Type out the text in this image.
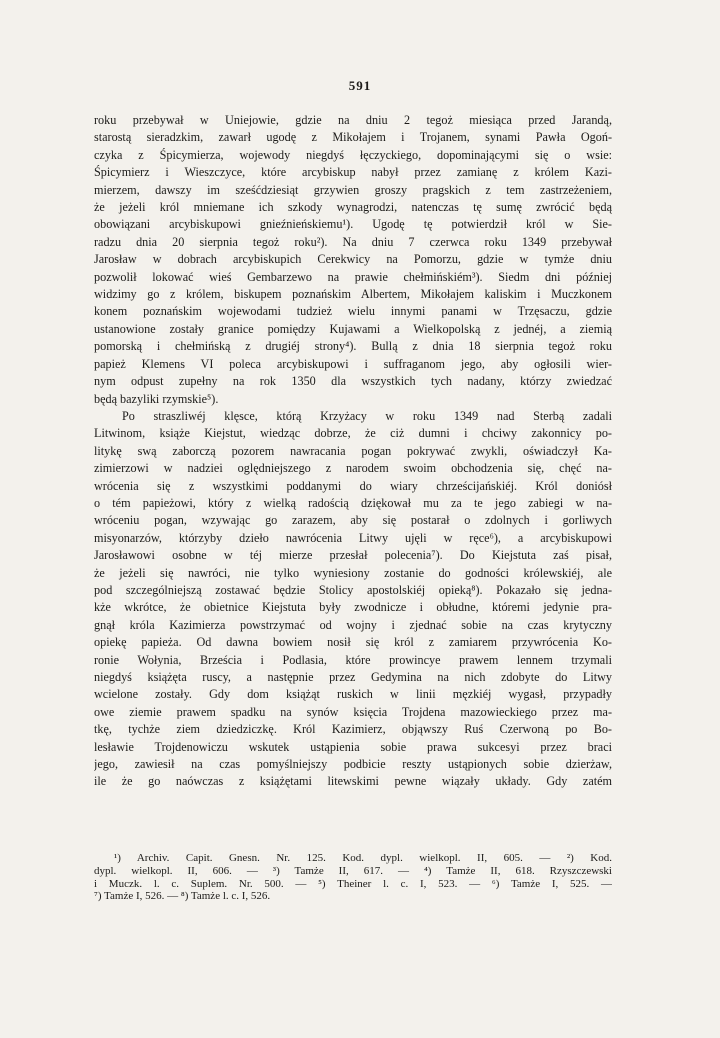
591
roku przebywał w Uniejowie, gdzie na dniu 2 tegoż miesiąca przed Jarandą,
starostą sieradzkim, zawarł ugodę z Mikołajem i Trojanem, synami Pawła Ogoń-
czyka z Śpicymierza, wojewody niegdyś łęczyckiego, dopominającymi się o wsie:
Śpicymierz i Wieszczyce, które arcybiskup nabył przez zamianę z królem Kazi-
mierzem, dawszy im sześćdziesiąt grzywien groszy pragskich z tem zastrzeżeniem,
że jeżeli król mniemane ich szkody wynagrodzi, natenczas tę sumę zwrócić będą
obowiązani arcybiskupowi gnieźnieńskiemu¹). Ugodę tę potwierdził król w Sie-
radzu dnia 20 sierpnia tegoż roku²). Na dniu 7 czerwca roku 1349 przebywał
Jarosław w dobrach arcybiskupich Cerekwicy na Pomorzu, gdzie w tymże dniu
pozwolił lokować wieś Gembarzewo na prawie chełmińskiém³). Siedm dni później
widzimy go z królem, biskupem poznańskim Albertem, Mikołajem kaliskim i Muczkonem
konem poznańskim wojewodami tudzież wielu innymi panami w Trzęsaczu, gdzie
ustanowione zostały granice pomiędzy Kujawami a Wielkopolską z jednéj, a ziemią
pomorską i chełmińską z drugiéj strony⁴). Bullą z dnia 18 sierpnia tegoż roku
papież Klemens VI poleca arcybiskupowi i suffraganom jego, aby ogłosili wier-
nym odpust zupełny na rok 1350 dla wszystkich tych nadany, którzy zwiedzać
będą bazyliki rzymskie⁵).
Po straszliwéj klęsce, którą Krzyżacy w roku 1349 nad Sterbą zadali
Litwinom, książe Kiejstut, wiedząc dobrze, że ciż dumni i chciwy zakonnicy po-
litykę swą zaborczą pozorem nawracania pogan pokrywać zwykli, oświadczył Ka-
zimierzowi w nadziei oględniejszego z narodem swoim obchodzenia się, chęć na-
wrócenia się z wszystkimi poddanymi do wiary chrześcijańskiéj. Król doniósł
o tém papieżowi, który z wielką radością dziękował mu za te jego zabiegi w na-
wróceniu pogan, wzywając go zarazem, aby się postarał o zdolnych i gorliwych
misyonarzów, którzyby dzieło nawrócenia Litwy ujęli w ręce⁶), a arcybiskupowi
Jarosławowi osobne w téj mierze przesłał polecenia⁷). Do Kiejstuta zaś pisał,
że jeżeli się nawróci, nie tylko wyniesiony zostanie do godności królewskiéj, ale
pod szczególniejszą zostawać będzie Stolicy apostolskiéj opieką⁸). Pokazało się jedna-
kże wkrótce, że obietnice Kiejstuta były zwodnicze i obłudne, któremi jedynie pra-
gnął króla Kazimierza powstrzymać od wojny i zjednać sobie na czas krytyczny
opiekę papieża. Od dawna bowiem nosił się król z zamiarem przywrócenia Ko-
ronie Wołynia, Brześcia i Podlasia, które prowincye prawem lennem trzymali
niegdyś książęta ruscy, a następnie przez Gedymina na nich zdobyte do Litwy
wcielone zostały. Gdy dom książąt ruskich w linii męzkiéj wygasł, przypadły
owe ziemie prawem spadku na synów księcia Trojdena mazowieckiego przez ma-
tkę, tychże ziem dziedziczkę. Król Kazimierz, objąwszy Ruś Czerwoną po Bo-
lesławie Trojdenowiczu wskutek ustąpienia sobie prawa sukcesyi przez braci
jego, zawiesił na czas pomyślniejszy podbicie reszty ustąpionych sobie dzierżaw,
ile że go naówczas z książętami litewskimi pewne wiązały układy. Gdy zatém
¹) Archiv. Capit. Gnesn. Nr. 125. Kod. dypl. wielkopl. II, 605. — ²) Kod.
dypl. wielkopl. II, 606. — ³) Tamże II, 617. — ⁴) Tamże II, 618. Rzyszczewski
i Muczk. l. c. Suplem. Nr. 500. — ⁵) Theiner l. c. I, 523. — ⁶) Tamże I, 525. —
⁷) Tamże I, 526. — ⁸) Tamże l. c. I, 526.
